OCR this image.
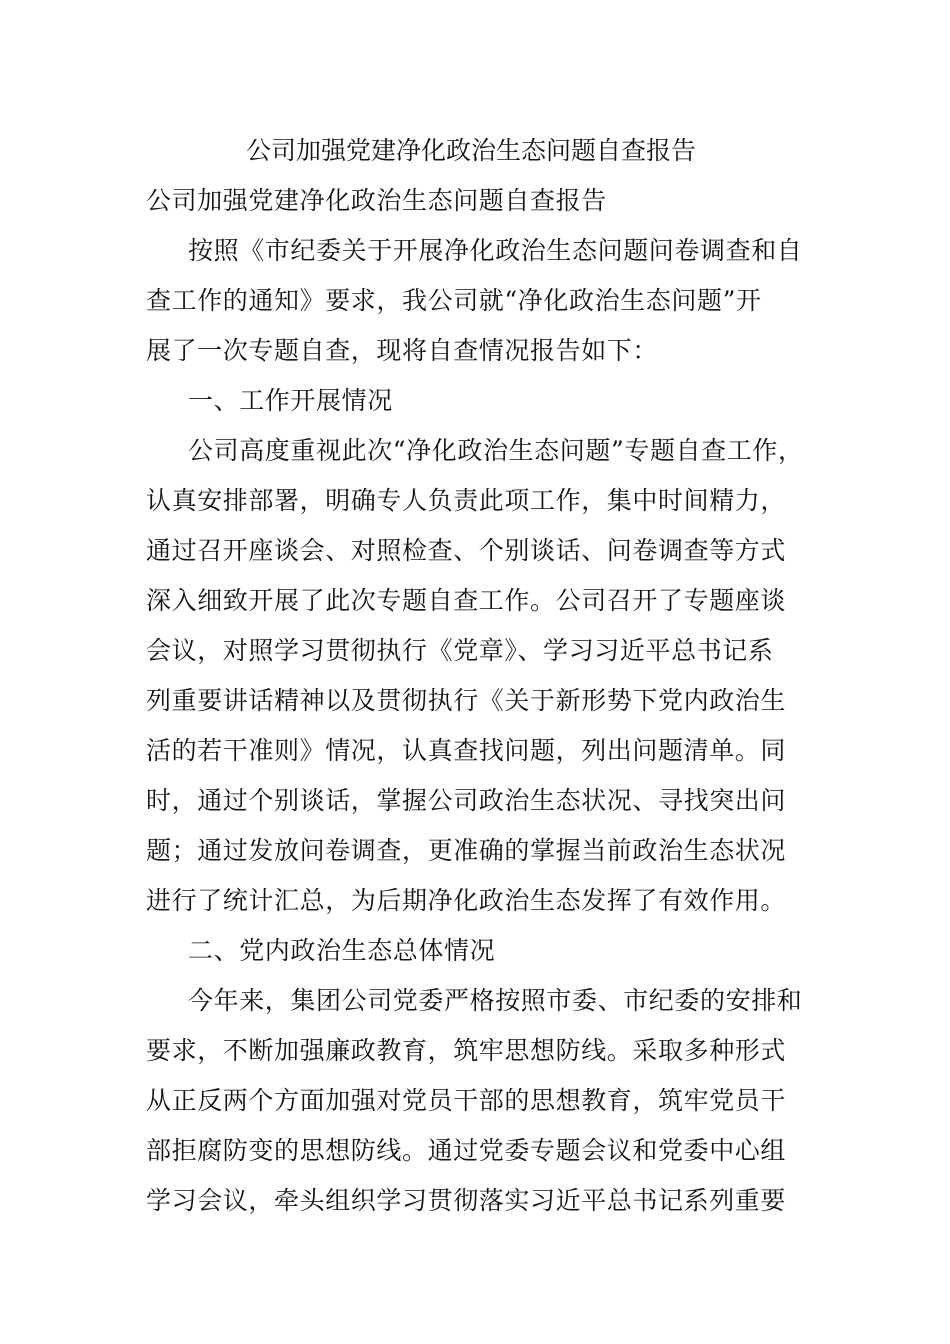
公司加强党建净化政治生态问题自查报告
公司加强党建净化政治生态问题自查报告
按照《市纪委关于开展净化政治生态问题问卷调查和自
查工作的通知》要求，我公司就“净化政治生态问题”开
展了一次专题自查，现将自查情况报告如下：
一、工作开展情况
公司高度重视此次“净化政治生态问题”专题自查工作，
认真安排部署，明确专人负责此项工作，集中时间精力，
通过召开座谈会、对照检查、个别谈话、问卷调查等方式
深入细致开展了此次专题自查工作。公司召开了专题座谈
会议，对照学习贯彻执行《党章》、学习习近平总书记系
列重要讲话精神以及贯彻执行《关于新形势下党内政治生
活的若干准则》情况，认真查找问题，列出问题清单。同
时，通过个别谈话，掌握公司政治生态状况、寻找突出问
题；通过发放问卷调查，更准确的掌握当前政治生态状况
进行了统计汇总，为后期净化政治生态发挥了有效作用。
二、党内政治生态总体情况
今年来，集团公司党委严格按照市委、市纪委的安排和
要求，不断加强廉政教育，筑牢思想防线。采取多种形式
从正反两个方面加强对党员干部的思想教育，筑牢党员干
部拒腐防变的思想防线。通过党委专题会议和党委中心组
学习会议，牵头组织学习贯彻落实习近平总书记系列重要
